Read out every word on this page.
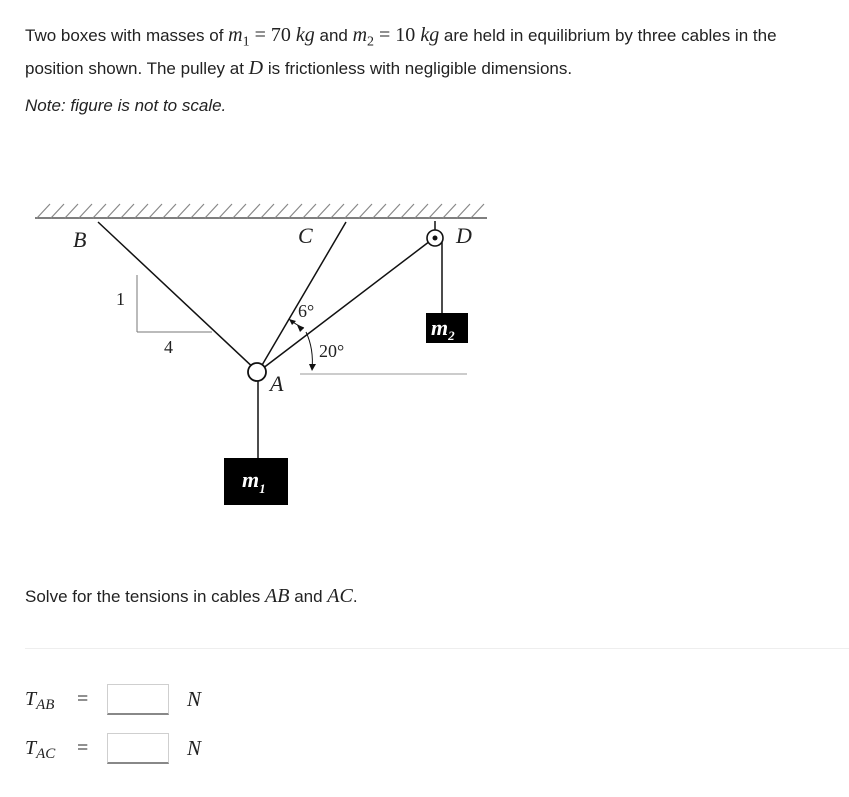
Two boxes with masses of $m_1 = 70$ kg and $m_2 = 10$ kg are held in equilibrium by three cables in the position shown. The pulley at D is frictionless with negligible dimensions.
Note: figure is not to scale.
1
4
6°
20°
B	C	D
A
$m_2$
$m_1$
Solve for the tensions in cables AB and AC.
$T_{AB}$ =	N
$T_{AC}$ =	N
